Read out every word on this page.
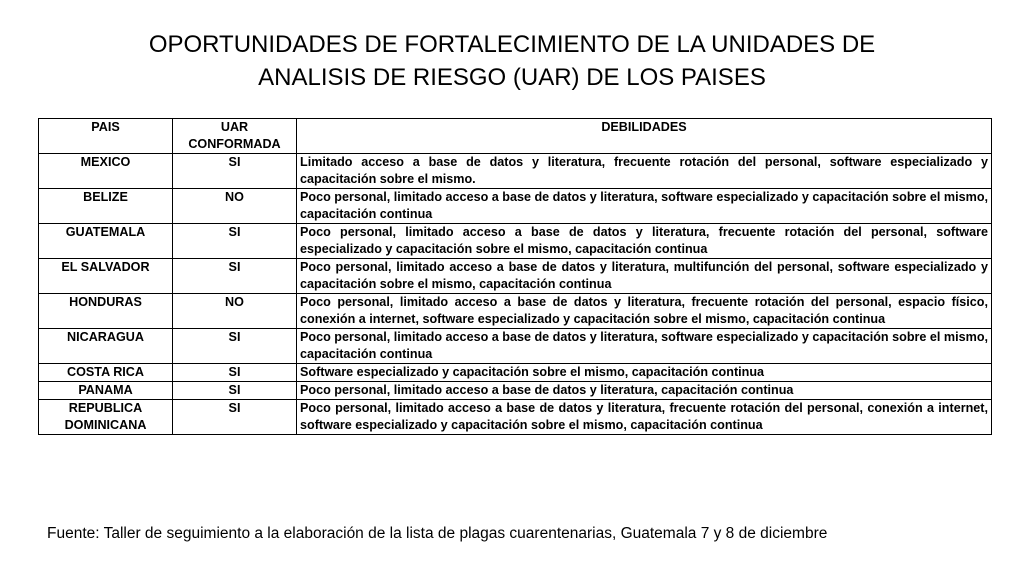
OPORTUNIDADES DE FORTALECIMIENTO DE LA UNIDADES DE
ANALISIS DE RIESGO (UAR) DE LOS PAISES
PAIS	UAR CONFORMADA	DEBILIDADES
MEXICO	SI	Limitado acceso a base de datos y literatura, frecuente rotación del personal, software especializado y capacitación sobre el mismo.
BELIZE	NO	Poco personal, limitado acceso a base de datos y literatura, software especializado y capacitación sobre el mismo, capacitación continua
GUATEMALA	SI	Poco personal, limitado acceso a base de datos y literatura, frecuente rotación del personal, software especializado y capacitación sobre el mismo, capacitación continua
EL SALVADOR	SI	Poco personal, limitado acceso a base de datos y literatura, multifunción del personal, software especializado y capacitación sobre el mismo, capacitación continua
HONDURAS	NO	Poco personal, limitado acceso a base de datos y literatura, frecuente rotación del personal, espacio físico, conexión a internet, software especializado y capacitación sobre el mismo, capacitación continua
NICARAGUA	SI	Poco personal, limitado acceso a base de datos y literatura, software especializado y capacitación sobre el mismo, capacitación continua
COSTA RICA	SI	Software especializado y capacitación sobre el mismo, capacitación continua
PANAMA	SI	Poco personal, limitado acceso a base de datos y literatura, capacitación continua
REPUBLICA DOMINICANA	SI	Poco personal, limitado acceso a base de datos y literatura, frecuente rotación del personal, conexión a internet, software especializado y capacitación sobre el mismo, capacitación continua
Fuente: Taller de seguimiento a la elaboración de la lista de plagas cuarentenarias, Guatemala 7 y 8 de diciembre
